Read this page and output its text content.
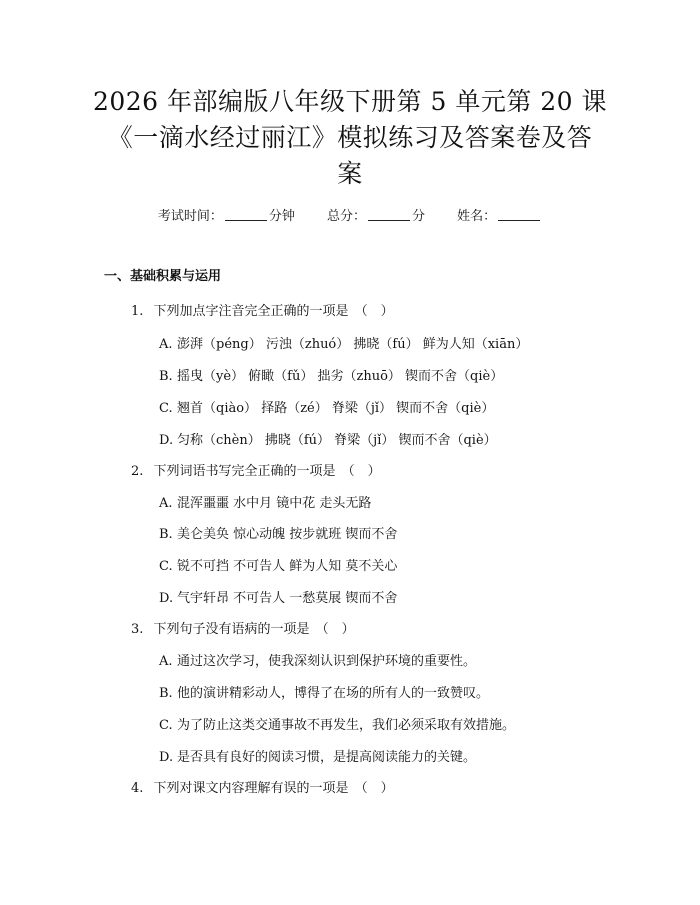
2026 年部编版八年级下册第 5 单元第 20 课
《一滴水经过丽江》模拟练习及答案卷及答
案
考试时间：	分钟 总分：	分 姓名：
一、基础积累与运用
1. 下列加点字注音完全正确的一项是 （　）
A. 澎湃（péng） 污浊（zhuó） 拂晓（fú） 鲜为人知（xiān）
B. 摇曳（yè） 俯瞰（fǔ） 拙劣（zhuō） 锲而不舍（qiè）
C. 翘首（qiào） 择路（zé） 脊梁（jǐ） 锲而不舍（qiè）
D. 匀称（chèn） 拂晓（fú） 脊梁（jǐ） 锲而不舍（qiè）
2. 下列词语书写完全正确的一项是 （　）
A. 混浑噩噩 水中月 镜中花 走头无路
B. 美仑美奂 惊心动魄 按步就班 锲而不舍
C. 锐不可挡 不可告人 鲜为人知 莫不关心
D. 气宇轩昂 不可告人 一愁莫展 锲而不舍
3. 下列句子没有语病的一项是 （　）
A. 通过这次学习，使我深刻认识到保护环境的重要性。
B. 他的演讲精彩动人，博得了在场的所有人的一致赞叹。
C. 为了防止这类交通事故不再发生，我们必须采取有效措施。
D. 是否具有良好的阅读习惯，是提高阅读能力的关键。
4. 下列对课文内容理解有误的一项是 （　）
